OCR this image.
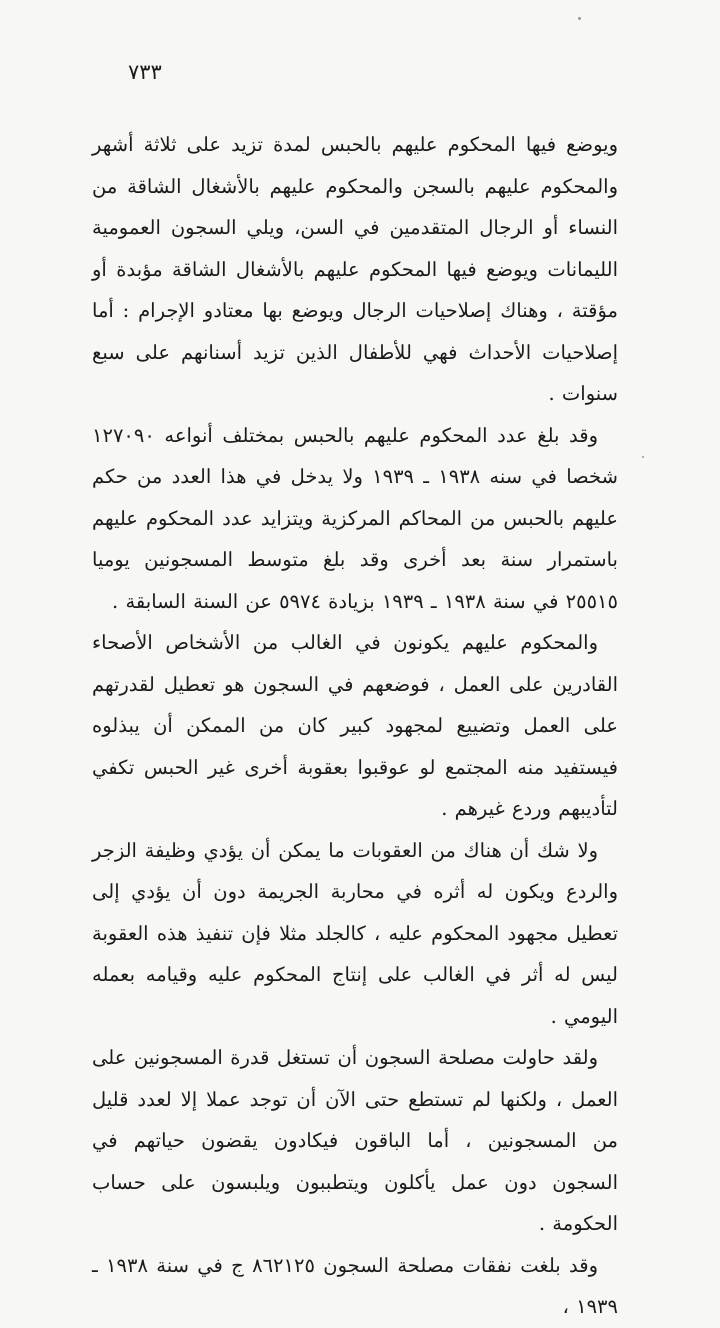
٧٣٣

ويوضع فيها المحكوم عليهم بالحبس لمدة تزيد على ثلاثة أشهر والمحكوم عليهم بالسجن والمحكوم عليهم بالأشغال الشاقة من النساء أو الرجال المتقدمين في السن، ويلي السجون العمومية الليمانات ويوضع فيها المحكوم عليهم بالأشغال الشاقة مؤبدة أو مؤقتة ، وهناك إصلاحيات الرجال ويوضع بها معتادو الإجرام : أما إصلاحيات الأحداث فهي للأطفال الذين تزيد أسنانهم على سبع سنوات .

وقد بلغ عدد المحكوم عليهم بالحبس بمختلف أنواعه ١٢٧٠٩٠ شخصا في سنه ١٩٣٨ ـ ١٩٣٩ ولا يدخل في هذا العدد من حكم عليهم بالحبس من المحاكم المركزية ويتزايد عدد المحكوم عليهم باستمرار سنة بعد أخرى وقد بلغ متوسط المسجونين يوميا ٢٥٥١٥ في سنة ١٩٣٨ ـ ١٩٣٩ بزيادة ٥٩٧٤ عن السنة السابقة .

والمحكوم عليهم يكونون في الغالب من الأشخاص الأصحاء القادرين على العمل ، فوضعهم في السجون هو تعطيل لقدرتهم على العمل وتضييع لمجهود كبير كان من الممكن أن يبذلوه فيستفيد منه المجتمع لو عوقبوا بعقوبة أخرى غير الحبس تكفي لتأديبهم وردع غيرهم .

ولا شك أن هناك من العقوبات ما يمكن أن يؤدي وظيفة الزجر والردع ويكون له أثره في محاربة الجريمة دون أن يؤدي إلى تعطيل مجهود المحكوم عليه ، كالجلد مثلا فإن تنفيذ هذه العقوبة ليس له أثر في الغالب على إنتاج المحكوم عليه وقيامه بعمله اليومي .

ولقد حاولت مصلحة السجون أن تستغل قدرة المسجونين على العمل ، ولكنها لم تستطع حتى الآن أن توجد عملا إلا لعدد قليل من المسجونين ، أما الباقون فيكادون يقضون حياتهم في السجون دون عمل يأكلون ويتطببون ويلبسون على حساب الحكومة .

وقد بلغت نفقات مصلحة السجون ٨٦٢١٢٥ ج في سنة ١٩٣٨ ـ ١٩٣٩ ،
